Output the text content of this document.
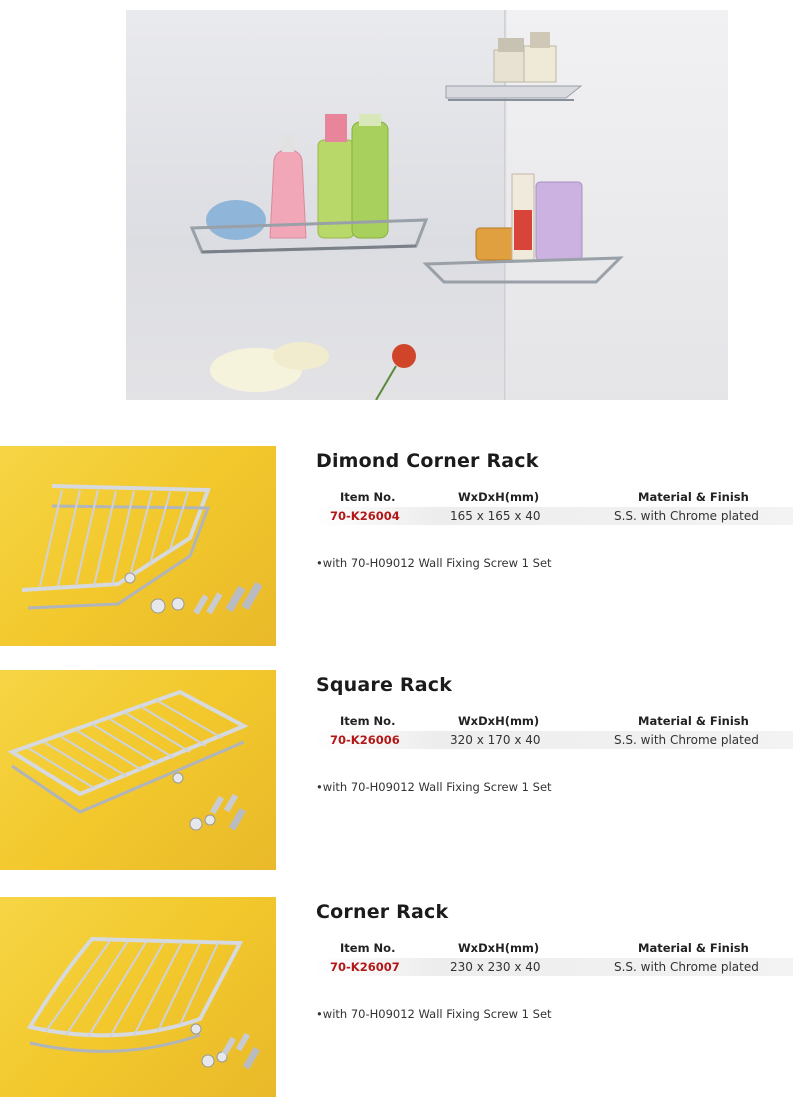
Dimond Corner Rack
Item No.	WxDxH(mm)	Material & Finish
70-K26004	165 x 165 x 40	S.S. with Chrome plated
•with 70-H09012 Wall Fixing Screw 1 Set
Square Rack
Item No.	WxDxH(mm)	Material & Finish
70-K26006	320 x 170 x 40	S.S. with Chrome plated
•with 70-H09012 Wall Fixing Screw 1 Set
Corner Rack
Item No.	WxDxH(mm)	Material & Finish
70-K26007	230 x 230 x 40	S.S. with Chrome plated
•with 70-H09012 Wall Fixing Screw 1 Set
